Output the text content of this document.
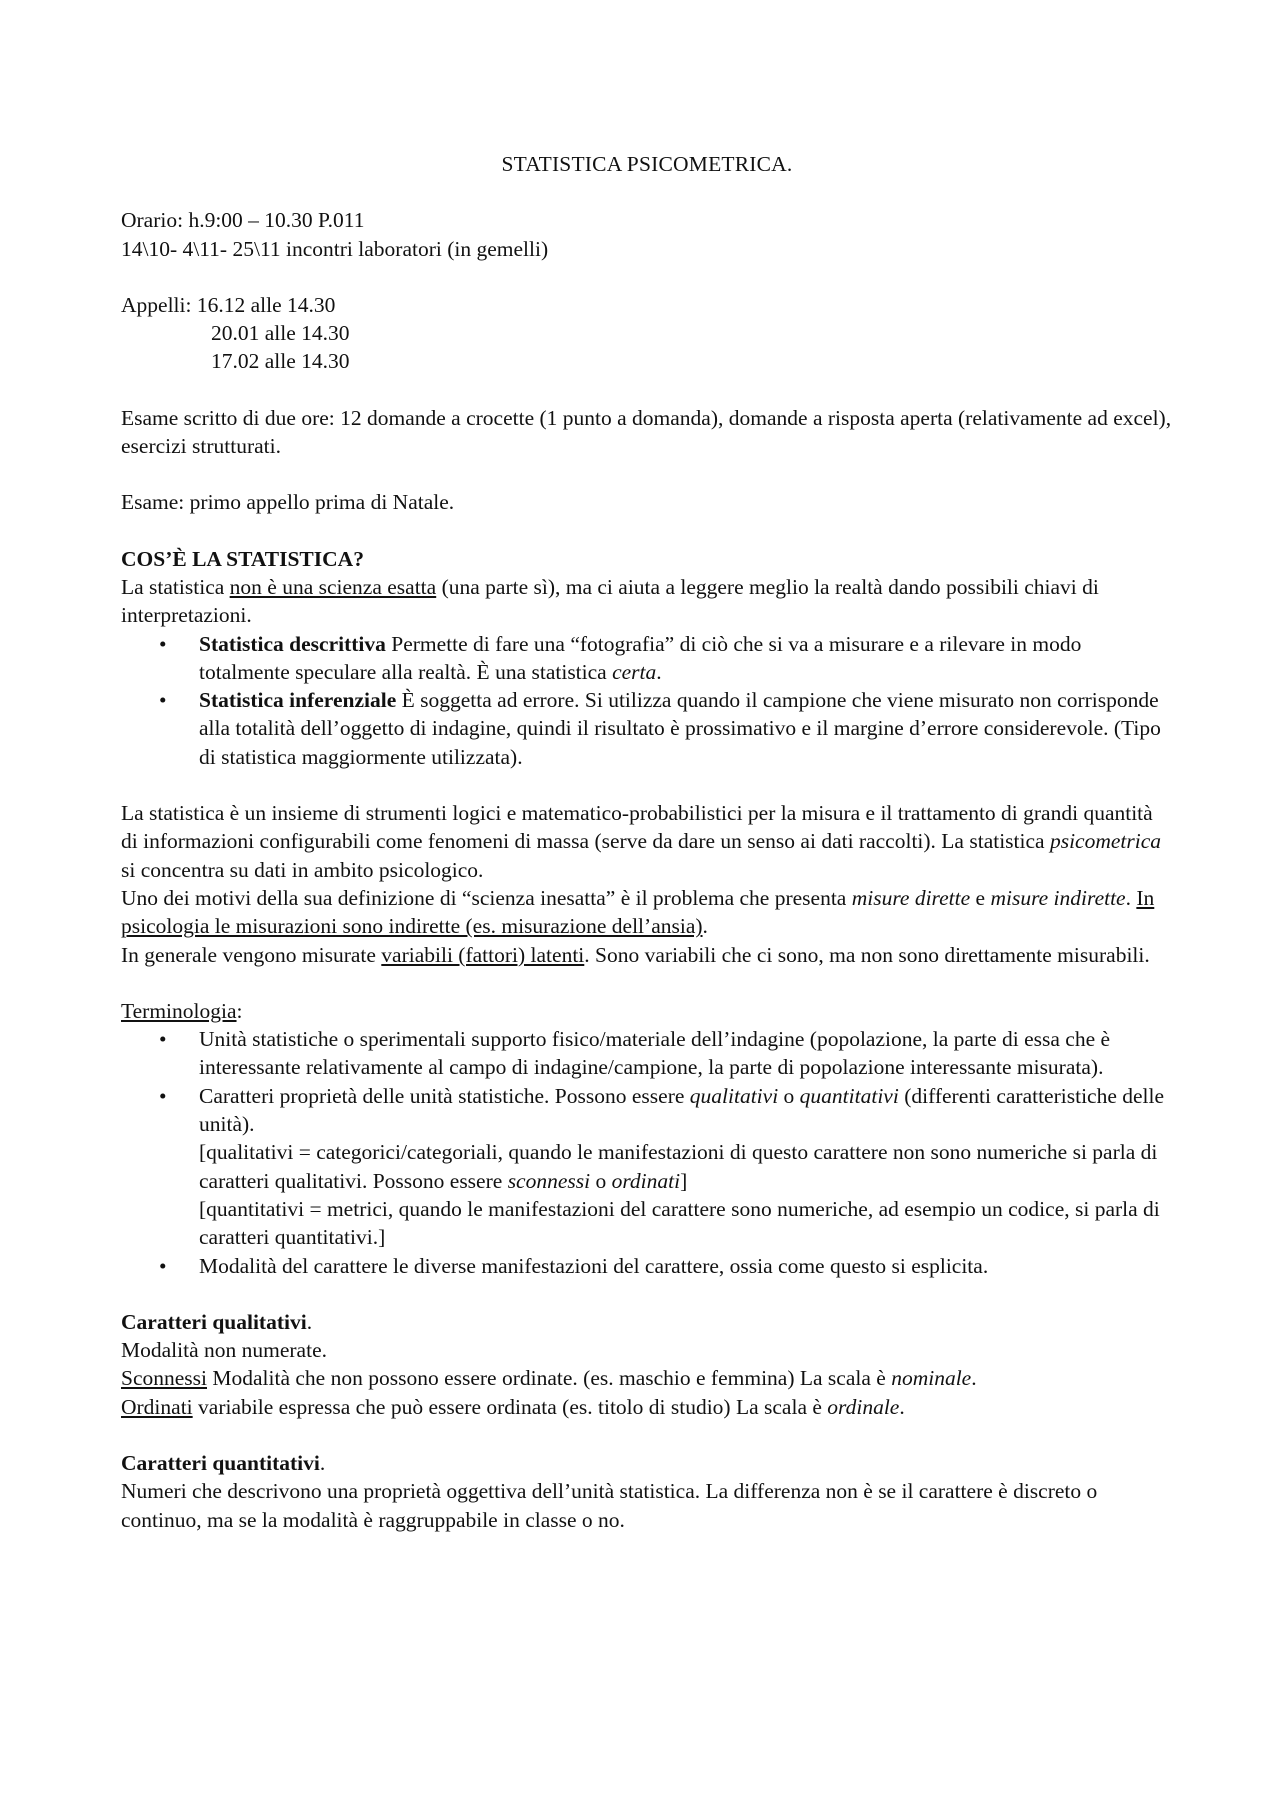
STATISTICA PSICOMETRICA.

Orario: h.9:00 – 10.30 P.011

14\10- 4\11- 25\11 incontri laboratori (in gemelli)

Appelli: 16.12 alle 14.30

20.01 alle 14.30

17.02 alle 14.30

Esame scritto di due ore: 12 domande a crocette (1 punto a domanda), domande a risposta aperta (relativamente ad excel), esercizi strutturati.

Esame: primo appello prima di Natale.

COS’È LA STATISTICA?

La statistica non è una scienza esatta (una parte sì), ma ci aiuta a leggere meglio la realtà dando possibili chiavi di interpretazioni.

• Statistica descrittiva Permette di fare una “fotografia” di ciò che si va a misurare e a rilevare in modo totalmente speculare alla realtà. È una statistica certa.
• Statistica inferenziale È soggetta ad errore. Si utilizza quando il campione che viene misurato non corrisponde alla totalità dell’oggetto di indagine, quindi il risultato è prossimativo e il margine d’errore considerevole. (Tipo di statistica maggiormente utilizzata).

La statistica è un insieme di strumenti logici e matematico-probabilistici per la misura e il trattamento di grandi quantità di informazioni configurabili come fenomeni di massa (serve da dare un senso ai dati raccolti). La statistica psicometrica si concentra su dati in ambito psicologico.

Uno dei motivi della sua definizione di “scienza inesatta” è il problema che presenta misure dirette e misure indirette. In psicologia le misurazioni sono indirette (es. misurazione dell’ansia).

In generale vengono misurate variabili (fattori) latenti. Sono variabili che ci sono, ma non sono direttamente misurabili.

Terminologia:

• Unità statistiche o sperimentali supporto fisico/materiale dell’indagine (popolazione, la parte di essa che è interessante relativamente al campo di indagine/campione, la parte di popolazione interessante misurata).
• Caratteri proprietà delle unità statistiche. Possono essere qualitativi o quantitativi (differenti caratteristiche delle unità).
[qualitativi = categorici/categoriali, quando le manifestazioni di questo carattere non sono numeriche si parla di caratteri qualitativi. Possono essere sconnessi o ordinati]
[quantitativi = metrici, quando le manifestazioni del carattere sono numeriche, ad esempio un codice, si parla di caratteri quantitativi.]
• Modalità del carattere le diverse manifestazioni del carattere, ossia come questo si esplicita.

Caratteri qualitativi.

Modalità non numerate.

Sconnessi Modalità che non possono essere ordinate. (es. maschio e femmina) La scala è nominale.

Ordinati variabile espressa che può essere ordinata (es. titolo di studio) La scala è ordinale.

Caratteri quantitativi.

Numeri che descrivono una proprietà oggettiva dell’unità statistica. La differenza non è se il carattere è discreto o continuo, ma se la modalità è raggruppabile in classe o no.
